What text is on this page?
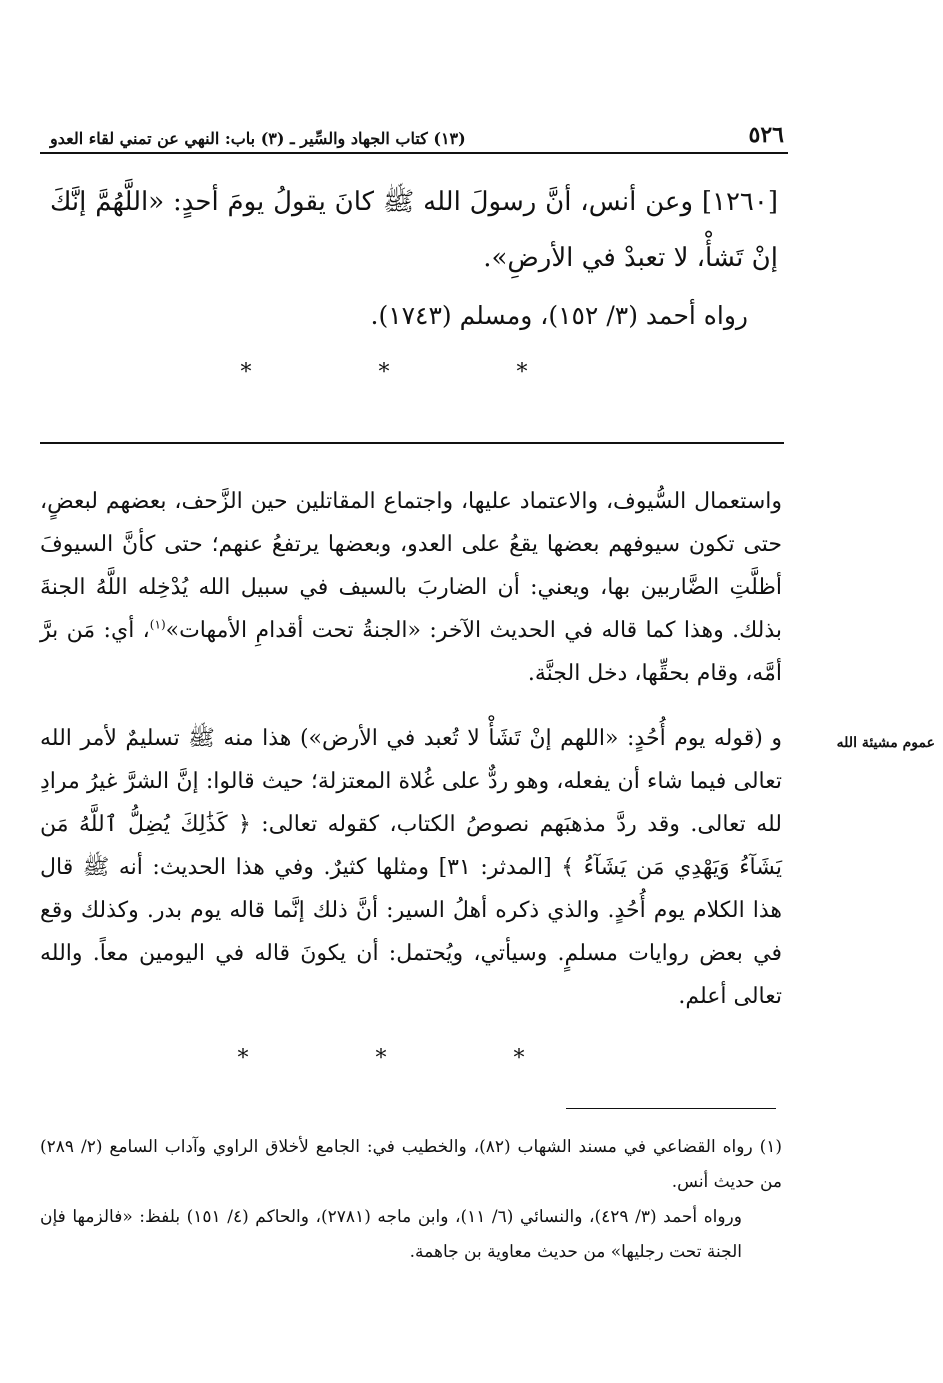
٥٢٦
(١٣) كتاب الجهاد والسِّير ـ (٣) باب: النهي عن تمني لقاء العدو

[١٢٦٠] وعن أنس، أنَّ رسولَ الله ﷺ كانَ يقولُ يومَ أحدٍ: «اللَّهُمَّ إنَّكَ إنْ تَشأْ، لا تعبدْ في الأرضِ».

رواه أحمد (٣/ ١٥٢)، ومسلم (١٧٤٣).

* * *

واستعمال السُّيوف، والاعتماد عليها، واجتماع المقاتلين حين الزَّحف، بعضهم لبعضٍ، حتى تكون سيوفهم بعضها يقعُ على العدو، وبعضها يرتفعُ عنهم؛ حتى كأنَّ السيوفَ أظلَّتِ الضَّاربين بها، ويعني: أن الضاربَ بالسيف في سبيل الله يُدْخِله اللَّهُ الجنةَ بذلك. وهذا كما قاله في الحديث الآخر: «الجنةُ تحت أقدامِ الأمهات»$^{(١)}$، أي: مَن برَّ أمَّه، وقام بحقِّها، دخل الجنَّة.

و (قوله يوم أُحُدٍ: «اللهم إنْ تَشَأْ لا تُعبد في الأرض») هذا منه ﷺ تسليمٌ لأمر الله تعالى فيما شاء أن يفعله، وهو ردٌّ على غُلاة المعتزلة؛ حيث قالوا: إنَّ الشرَّ غيرُ مرادِ لله تعالى. وقد ردَّ مذهبَهم نصوصُ الكتاب، كقوله تعالى: ﴿ كَذَٰلِكَ يُضِلُّ ٱللَّهُ مَن يَشَآءُ وَيَهْدِي مَن يَشَآءُ ﴾ [المدثر: ٣١] ومثلها كثيرٌ. وفي هذا الحديث: أنه ﷺ قال هذا الكلام يوم أُحُدٍ. والذي ذكره أهلُ السير: أنَّ ذلك إنَّما قاله يوم بدر. وكذلك وقع في بعض روايات مسلمٍ. وسيأتي، ويُحتمل: أن يكونَ قاله في اليومين معاً. والله تعالى أعلم.

عموم مشيئة الله
* * *

(١) رواه القضاعي في مسند الشهاب (٨٢)، والخطيب في: الجامع لأخلاق الراوي وآداب السامع (٢/ ٢٨٩) من حديث أنس.

ورواه أحمد (٣/ ٤٢٩)، والنسائي (٦/ ١١)، وابن ماجه (٢٧٨١)، والحاكم (٤/ ١٥١) بلفظ: «فالزمها فإن الجنة تحت رجليها» من حديث معاوية بن جاهمة.
